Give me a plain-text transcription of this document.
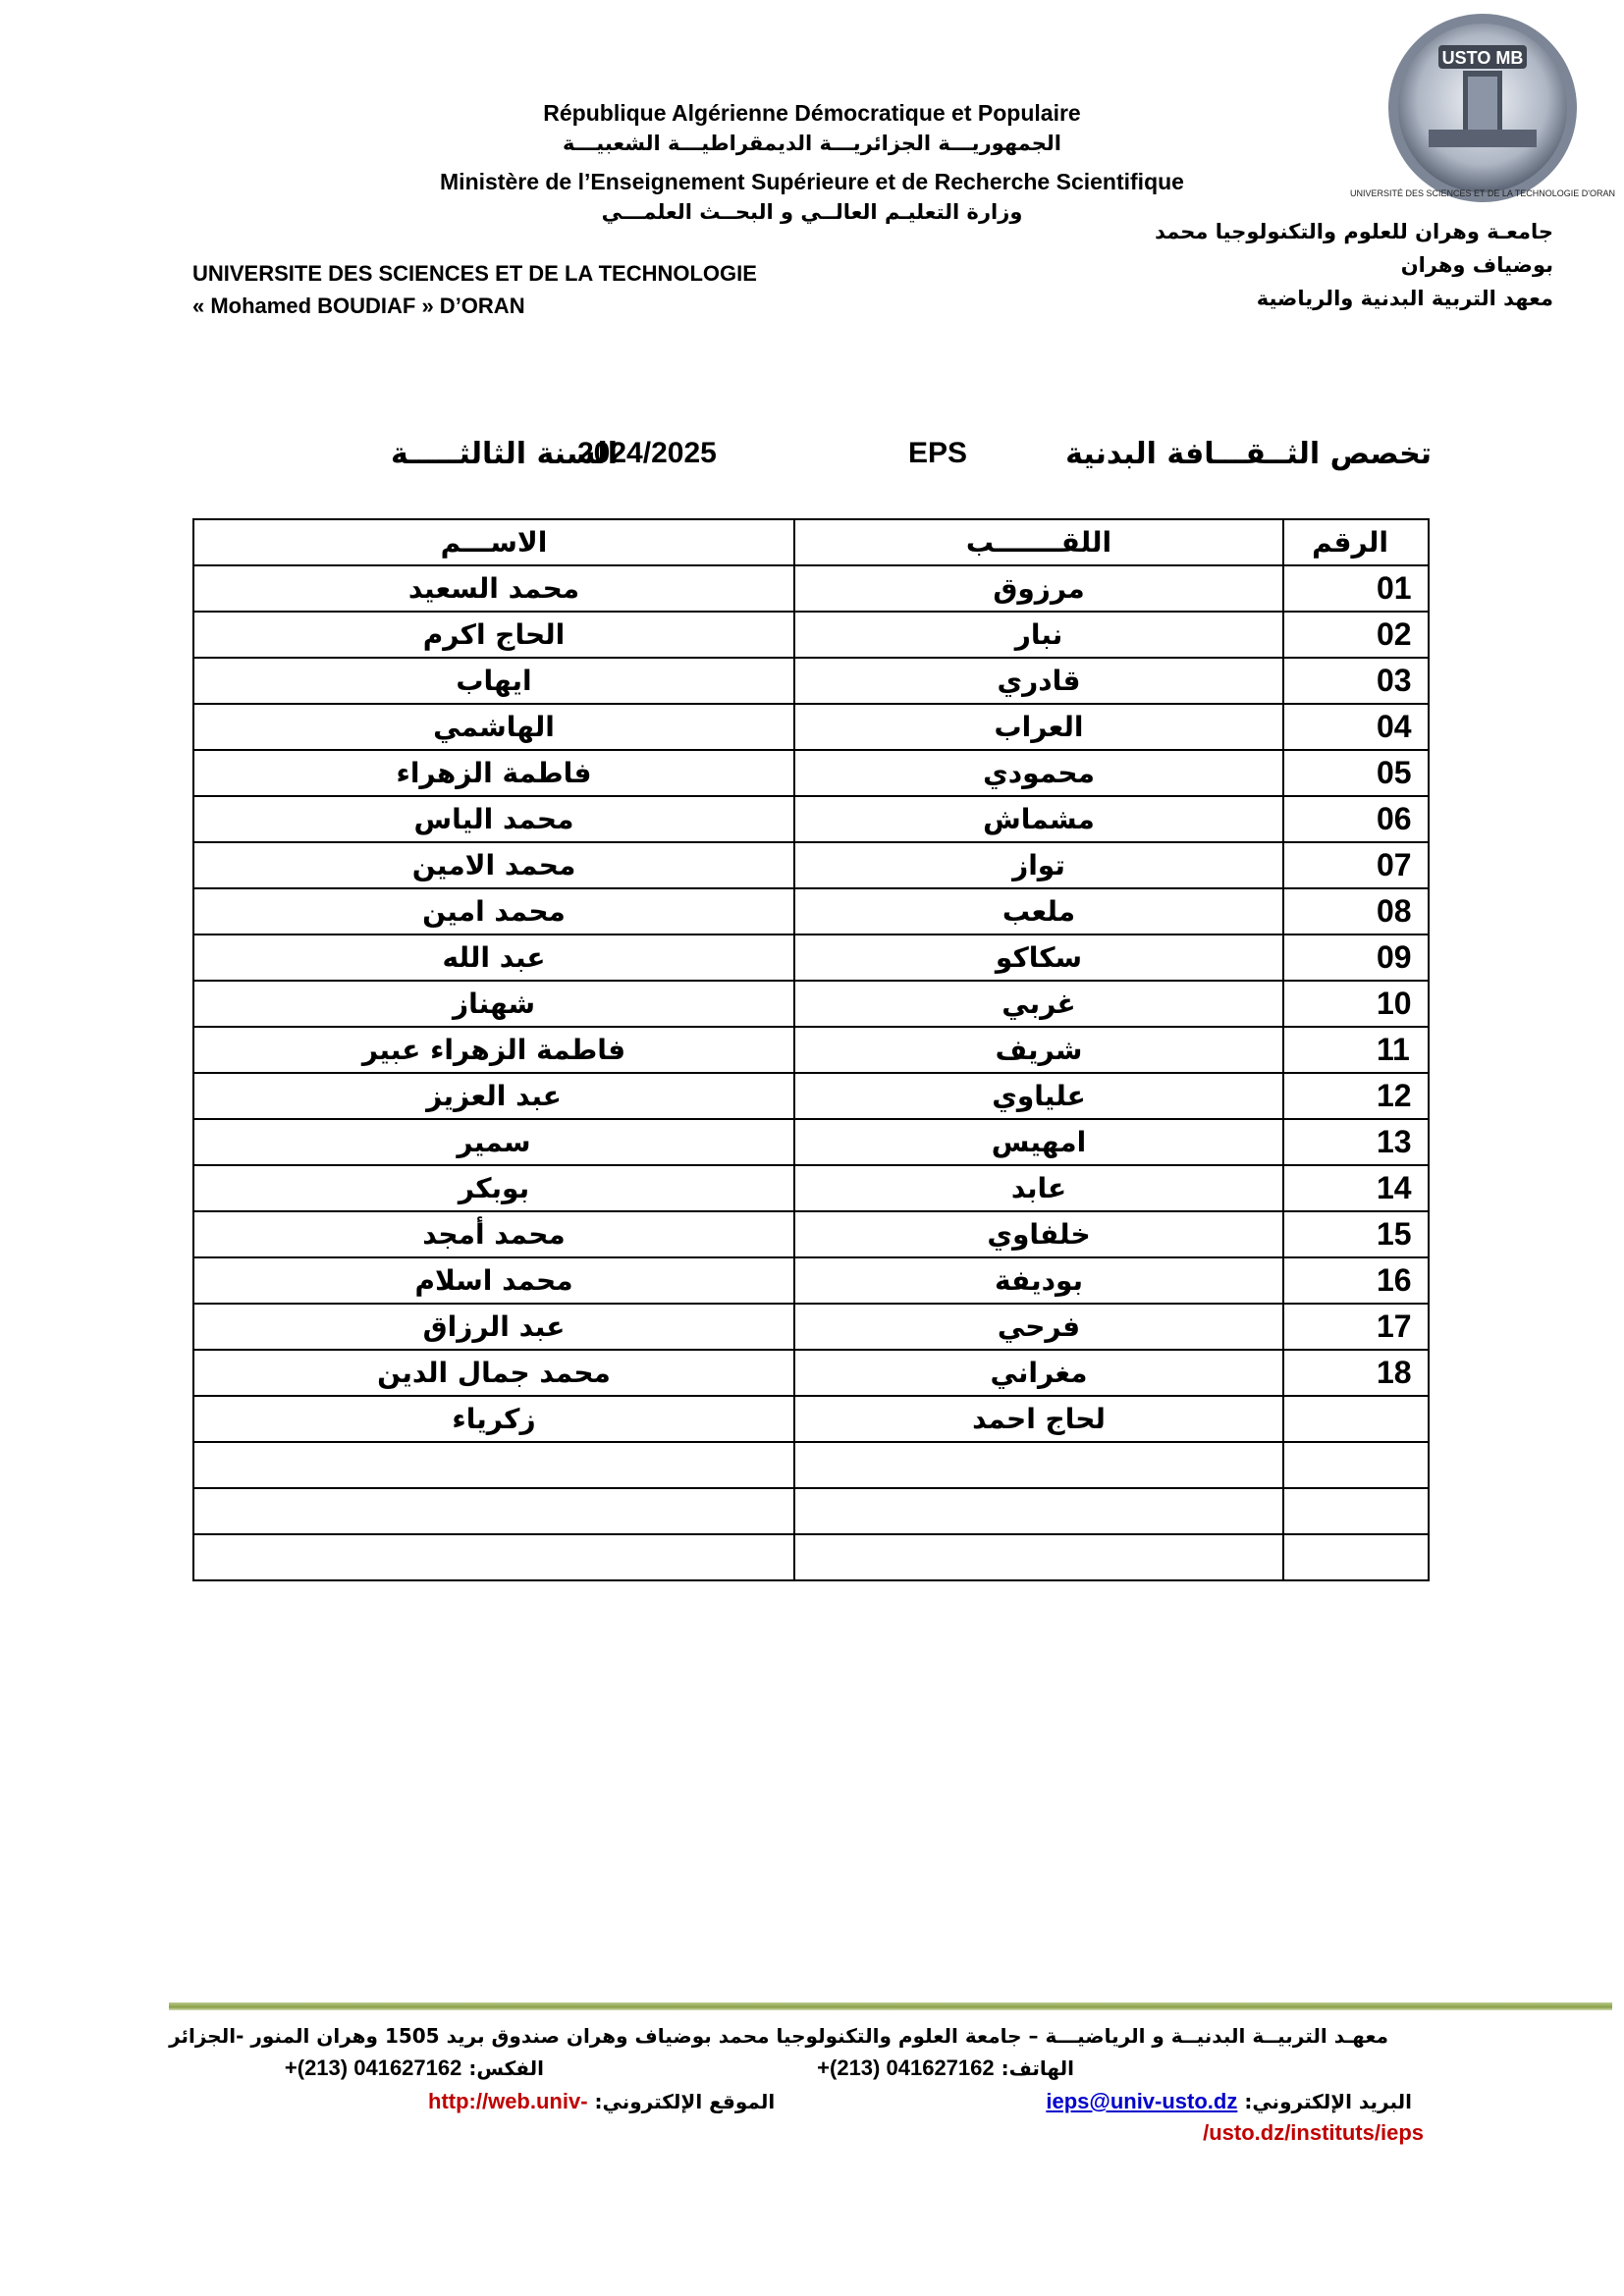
USTO MB
UNIVERSITÉ DES SCIENCES ET DE LA TECHNOLOGIE D'ORAN
République Algérienne Démocratique et Populaire
الجمهوريـــة الجزائريـــة الديمقراطيـــة الشعبيـــة
Ministère de l’Enseignement Supérieure et de Recherche Scientifique
وزارة التعليـم العالــي و البحــث العلمـــي
UNIVERSITE DES SCIENCES ET DE LA TECHNOLOGIE
« Mohamed BOUDIAF » D’ORAN
جامعـة وهران للعلوم والتكنولوجيا محمد
بوضياف وهران
معهد التربية البدنية والرياضية
تخصص الثــقـــافة البدنية
EPS
2024/2025
السنة الثالثـــــة
الاســـم	اللقـــــــب	الرقم
محمد السعيد	مرزوق	01
الحاج اكرم	نبار	02
ايهاب	قادري	03
الهاشمي	العراب	04
فاطمة الزهراء	محمودي	05
محمد الياس	مشماش	06
محمد الامين	تواز	07
محمد امين	ملعب	08
عبد الله	سكاكو	09
شهناز	غربي	10
فاطمة الزهراء عبير	شريف	11
عبد العزيز	علياوي	12
سمير	امهيس	13
بوبكر	عابد	14
محمد أمجد	خلفاوي	15
محمد اسلام	بوديفة	16
عبد الرزاق	فرحي	17
محمد جمال الدين	مغراني	18
زكرياء	لحاج احمد	

معهـد التربيــة البدنيــة و الرياضيـــة – جامعة العلوم والتكنولوجيا محمد بوضياف وهران صندوق بريد 1505 وهران المنور -الجزائر
الهاتف: 041627162 (213)+
الفكس: 041627162 (213)+
البريد الإلكتروني: ieps@univ-usto.dz
http://web.univ- الموقع الإلكتروني:
/usto.dz/instituts/ieps
